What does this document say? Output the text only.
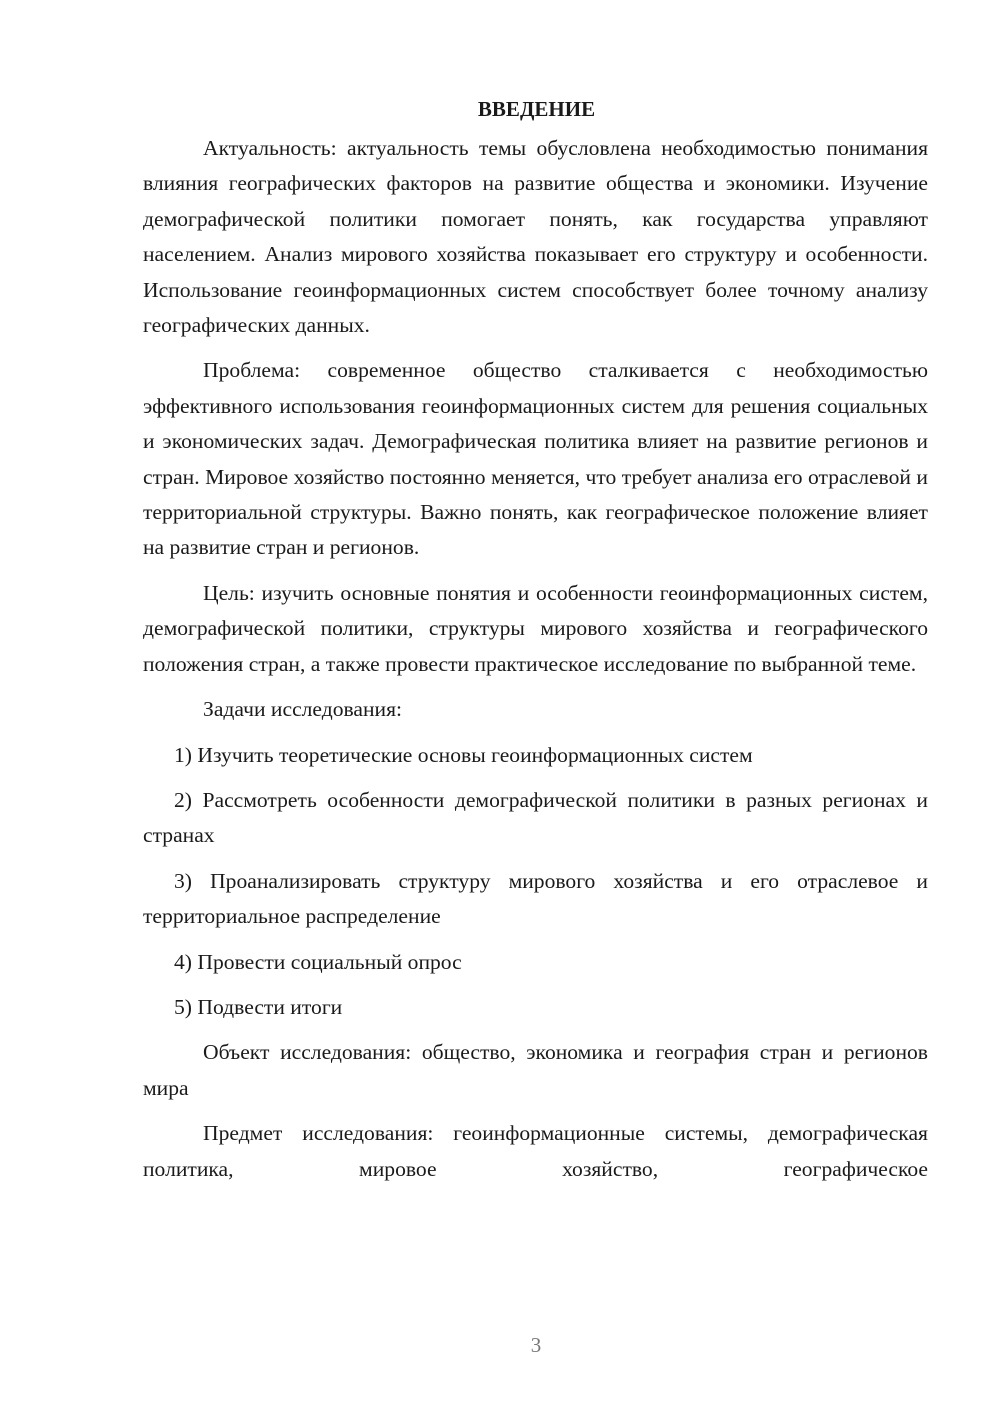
ВВЕДЕНИЕ

Актуальность: актуальность темы обусловлена необходимостью понимания влияния географических факторов на развитие общества и экономики. Изучение демографической политики помогает понять, как государства управляют населением. Анализ мирового хозяйства показывает его структуру и особенности. Использование геоинформационных систем способствует более точному анализу географических данных.

Проблема: современное общество сталкивается с необходимостью эффективного использования геоинформационных систем для решения социальных и экономических задач. Демографическая политика влияет на развитие регионов и стран. Мировое хозяйство постоянно меняется, что требует анализа его отраслевой и территориальной структуры. Важно понять, как географическое положение влияет на развитие стран и регионов.

Цель: изучить основные понятия и особенности геоинформационных систем, демографической политики, структуры мирового хозяйства и географического положения стран, а также провести практическое исследование по выбранной теме.

Задачи исследования:

1) Изучить теоретические основы геоинформационных систем

2) Рассмотреть особенности демографической политики в разных регионах и странах

3) Проанализировать структуру мирового хозяйства и его отраслевое и территориальное распределение

4) Провести социальный опрос

5) Подвести итоги

Объект исследования: общество, экономика и география стран и регионов мира

Предмет исследования: геоинформационные системы, демографическая политика, мировое хозяйство, географическое

3
